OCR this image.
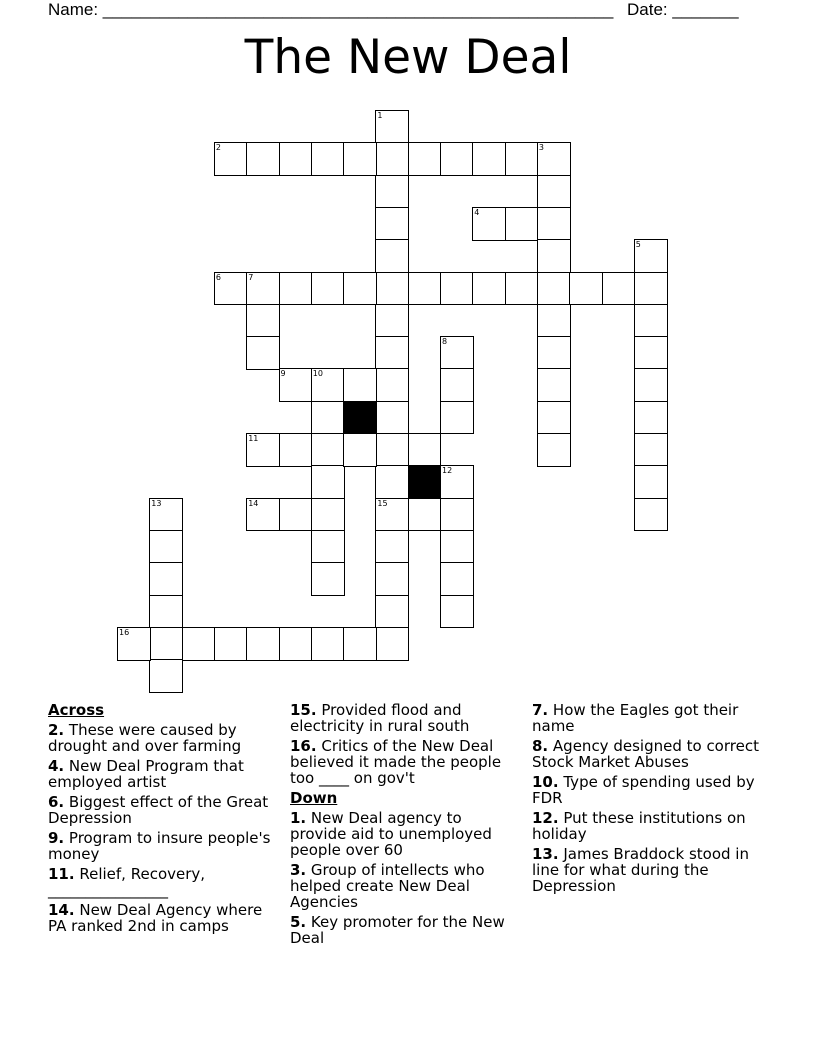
Name: ______________________________________________________ Date: _______
The New Deal
1
15
2	3
4
5
6	7
8
9	10
11
12
13	14
16
Across

2. These were caused by drought and over farming

4. New Deal Program that employed artist

6. Biggest effect of the Great Depression

9. Program to insure people's money

11. Relief, Recovery, ________________

14. New Deal Agency where PA ranked 2nd in camps

15. Provided flood and electricity in rural south

16. Critics of the New Deal believed it made the people too ____ on gov't

Down

1. New Deal agency to provide aid to unemployed people over 60

3. Group of intellects who helped create New Deal Agencies

5. Key promoter for the New Deal

7. How the Eagles got their name

8. Agency designed to correct Stock Market Abuses

10. Type of spending used by FDR

12. Put these institutions on holiday

13. James Braddock stood in line for what during the Depression
